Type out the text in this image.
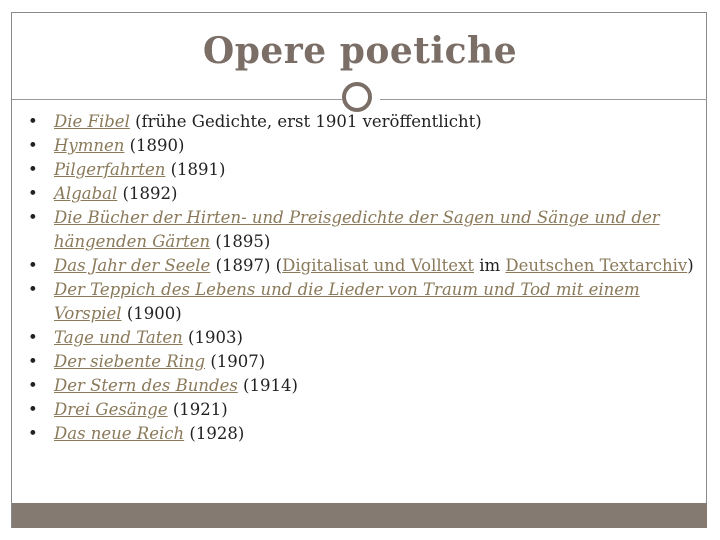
Opere poetiche
• Die Fibel (frühe Gedichte, erst 1901 veröffentlicht)
• Hymnen (1890)
• Pilgerfahrten (1891)
• Algabal (1892)
• Die Bücher der Hirten- und Preisgedichte der Sagen und Sänge und der hängenden Gärten (1895)
• Das Jahr der Seele (1897) (Digitalisat und Volltext im Deutschen Textarchiv)
• Der Teppich des Lebens und die Lieder von Traum und Tod mit einem Vorspiel (1900)
• Tage und Taten (1903)
• Der siebente Ring (1907)
• Der Stern des Bundes (1914)
• Drei Gesänge (1921)
• Das neue Reich (1928)
